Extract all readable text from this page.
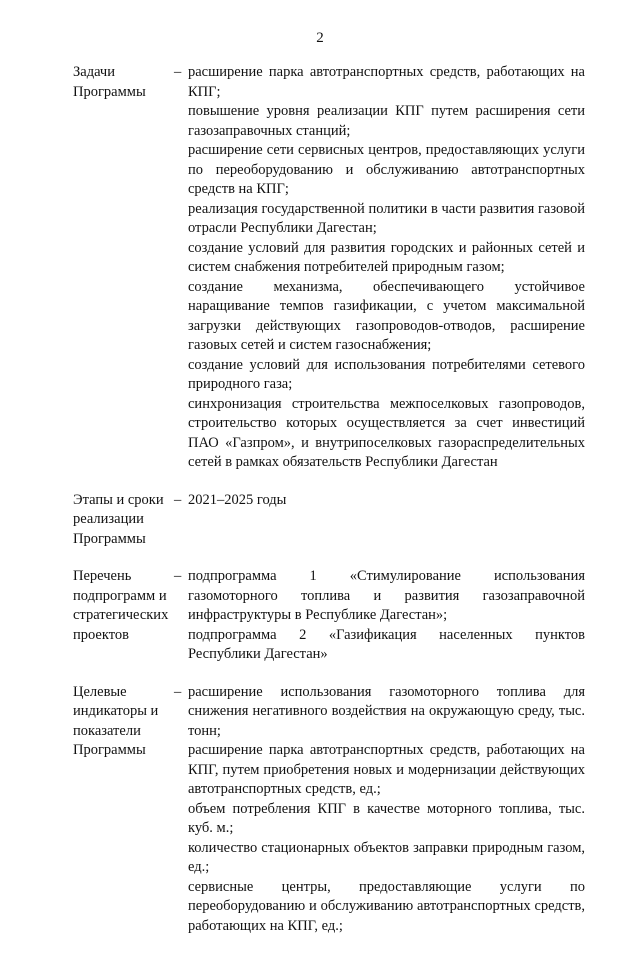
2
Задачи
Программы
– расширение парка автотранспортных средств, работающих на КПГ;
повышение уровня реализации КПГ путем расширения сети газозаправочных станций;
расширение сети сервисных центров, предоставляющих услуги по переоборудованию и обслуживанию автотранспортных средств на КПГ;
реализация государственной политики в части развития газовой отрасли Республики Дагестан;
создание условий для развития городских и районных сетей и систем снабжения потребителей природным газом;
создание механизма, обеспечивающего устойчивое наращивание темпов газификации, с учетом максимальной загрузки действующих газопроводов-отводов, расширение газовых сетей и систем газоснабжения;
создание условий для использования потребителями сетевого природного газа;
синхронизация строительства межпоселковых газопроводов, строительство которых осуществляется за счет инвестиций ПАО «Газпром», и внутрипоселковых газораспределительных сетей в рамках обязательств Республики Дагестан
Этапы и сроки
реализации
Программы
– 2021–2025 годы
Перечень
подпрограмм и
стратегических
проектов
– подпрограмма 1 «Стимулирование использования газомоторного топлива и развития газозаправочной инфраструктуры в Республике Дагестан»;
подпрограмма 2 «Газификация населенных пунктов Республики Дагестан»
Целевые
индикаторы и
показатели
Программы
– расширение использования газомоторного топлива для снижения негативного воздействия на окружающую среду, тыс. тонн;
расширение парка автотранспортных средств, работающих на КПГ, путем приобретения новых и модернизации действующих автотранспортных средств, ед.;
объем потребления КПГ в качестве моторного топлива, тыс. куб. м.;
количество стационарных объектов заправки природным газом, ед.;
сервисные центры, предоставляющие услуги по переоборудованию и обслуживанию автотранспортных средств, работающих на КПГ, ед.;
